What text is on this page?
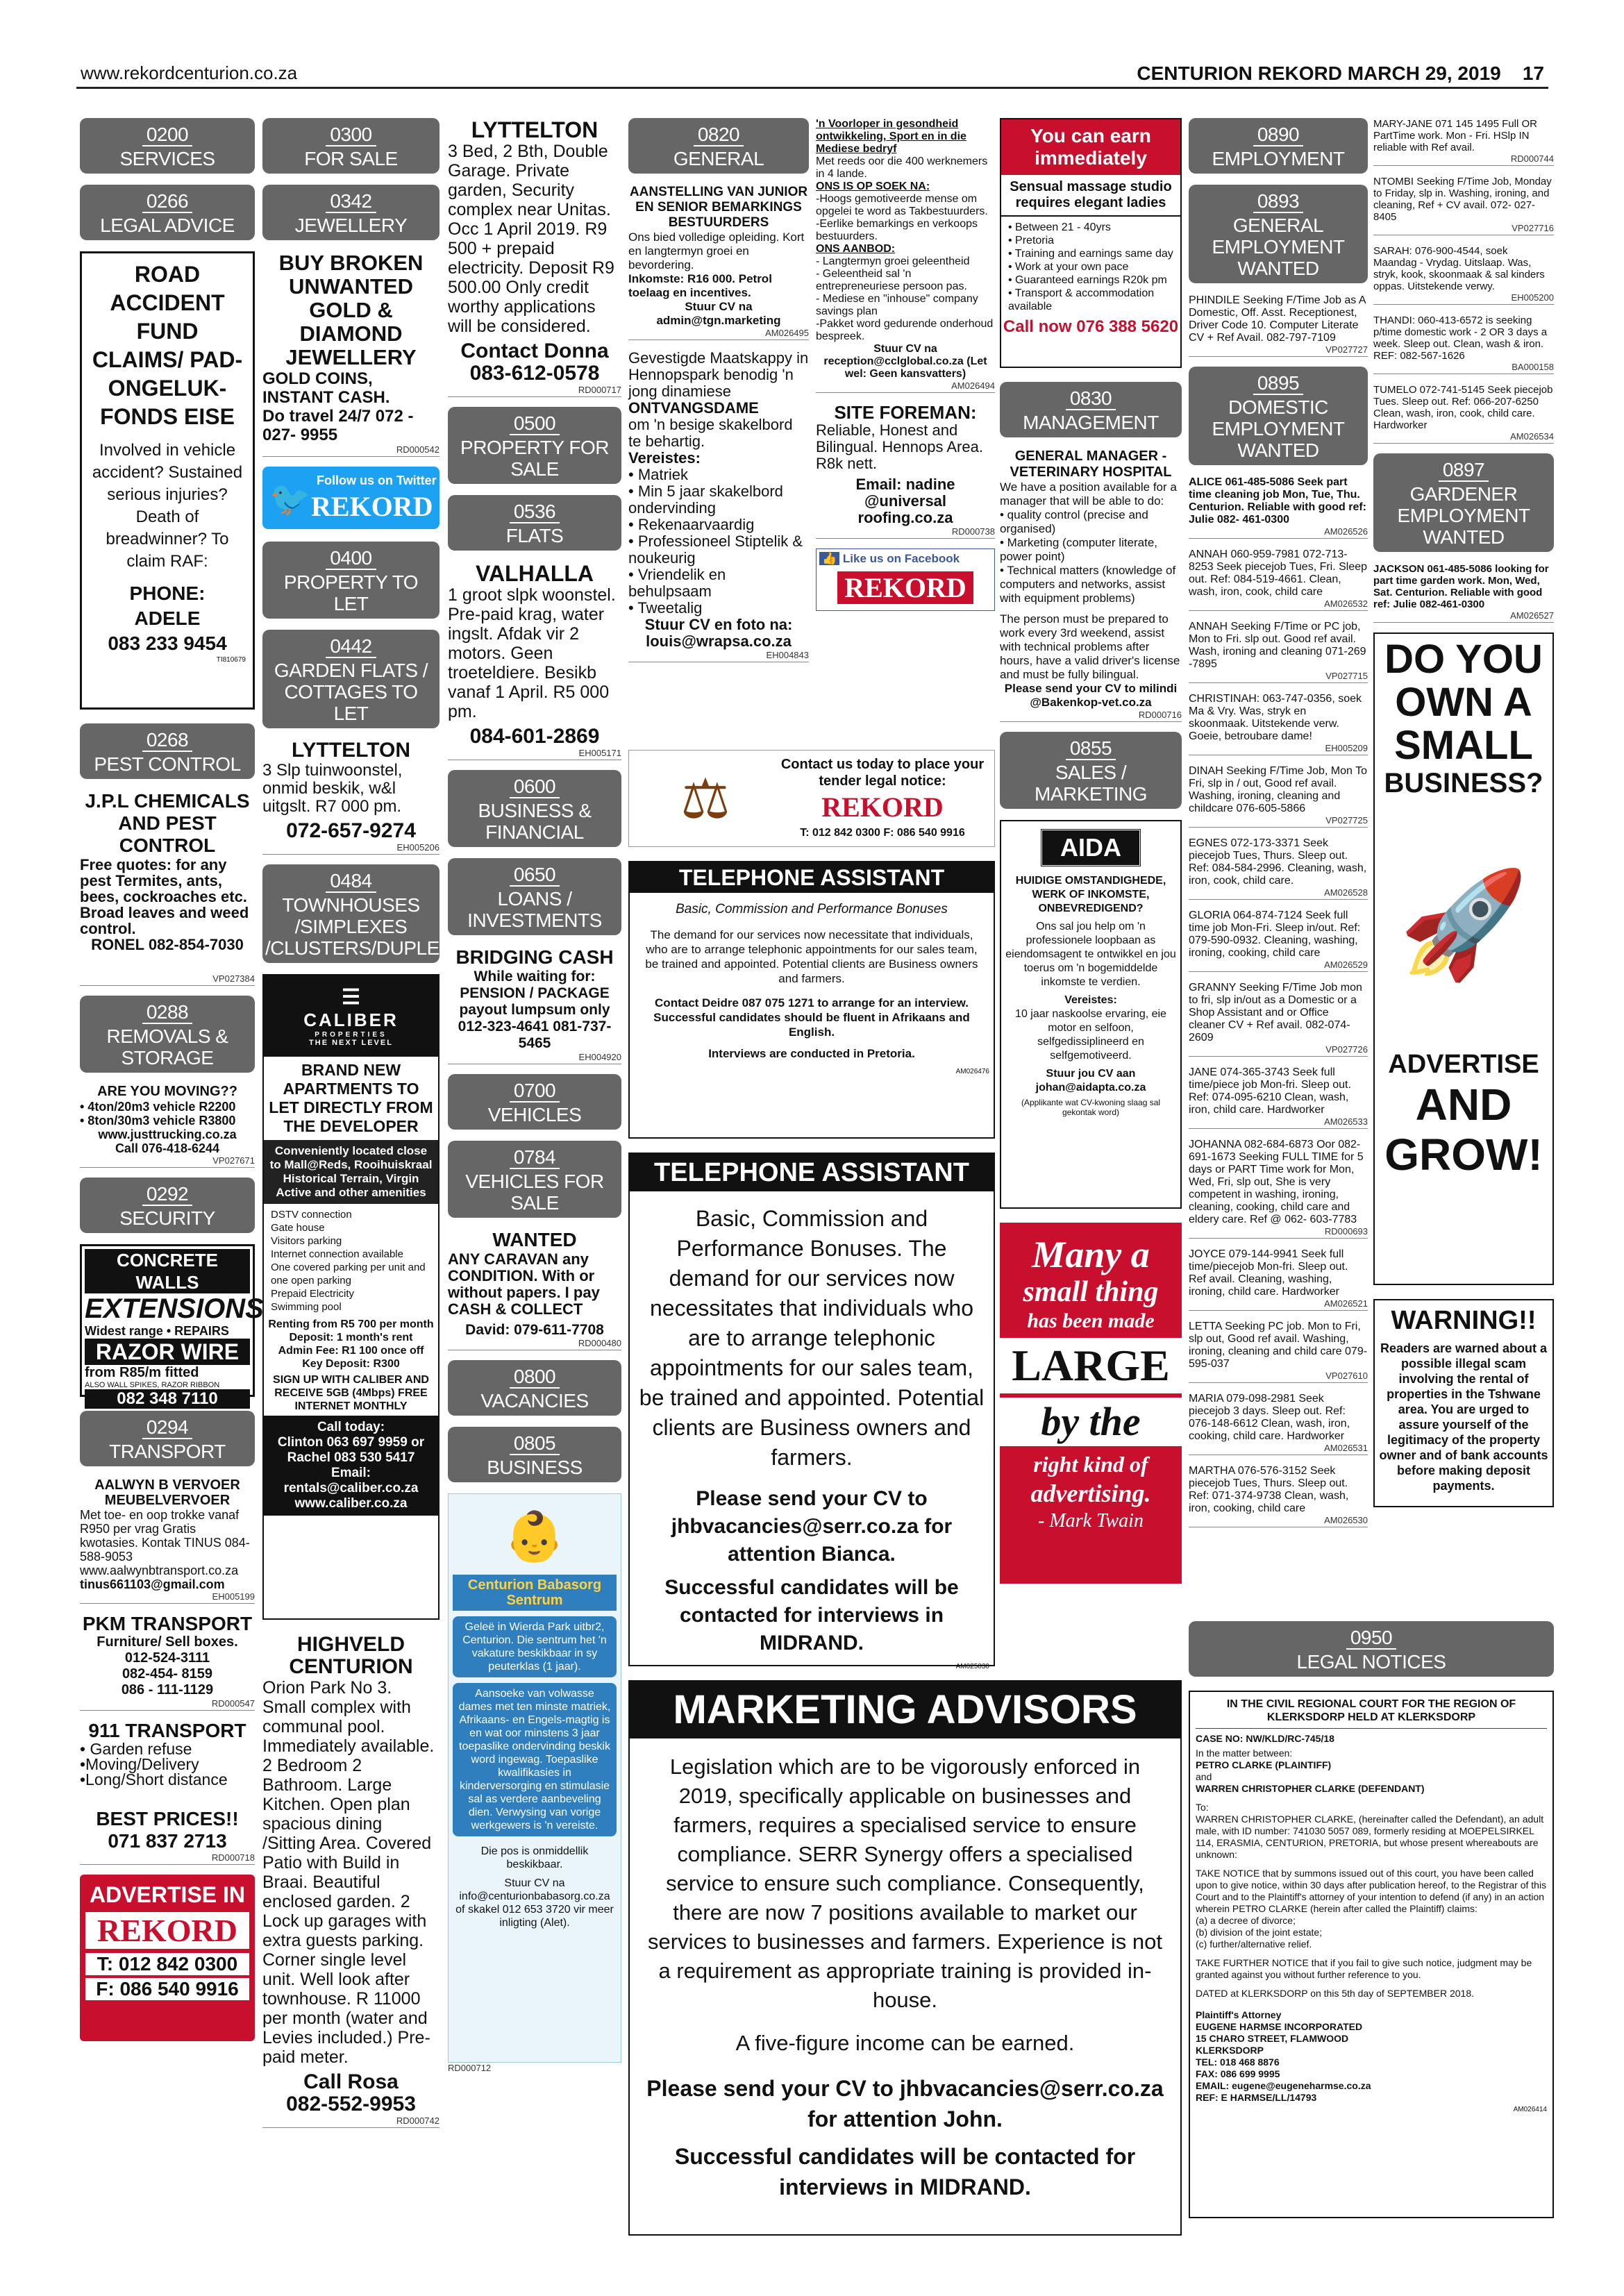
www.rekordcenturion.co.za	CENTURION REKORD MARCH 29, 2019 17
0200
SERVICES
0266
LEGAL ADVICE
ROAD ACCIDENT FUND CLAIMS/ PAD-ONGELUK-FONDS EISE
Involved in vehicle accident? Sustained serious injuries? Death of breadwinner? To claim RAF:
PHONE:
ADELE
083 233 9454
TI810679
0268
PEST CONTROL
J.P.L CHEMICALS AND PEST CONTROL
Free quotes: for any pest Termites, ants, bees, cockroaches etc. Broad leaves and weed control.
RONEL 082-854-7030
VP027384
0288
REMOVALS & STORAGE
ARE YOU MOVING??
• 4ton/20m3 vehicle R2200
• 8ton/30m3 vehicle R3800
www.justtrucking.co.za
Call 076-418-6244
VP027671
0292
SECURITY
CONCRETE WALLS
EXTENSIONS
Widest range • REPAIRS
RAZOR WIRE
from R85/m fitted
ALSO WALL SPIKES, RAZOR RIBBON
082 348 7110
0294
TRANSPORT
AALWYN B VERVOER MEUBELVERVOER
Met toe- en oop trokke vanaf R950 per vrag Gratis kwotasies. Kontak TINUS 084-588-9053 www.aalwynbtransport.co.za
tinus661103@gmail.com
EH005199
PKM TRANSPORT
Furniture/ Sell boxes.
012-524-3111
082-454- 8159
086 - 111-1129
RD000547
911 TRANSPORT
• Garden refuse
•Moving/Delivery
•Long/Short distance
BEST PRICES!!
071 837 2713
RD000718
ADVERTISE IN
REKORD
T: 012 842 0300
F: 086 540 9916
0300
FOR SALE
0342
JEWELLERY
BUY BROKEN UNWANTED GOLD & DIAMOND JEWELLERY
GOLD COINS, INSTANT CASH.
Do travel 24/7 072 - 027- 9955
RD000542
🐦
Follow us on Twitter
REKORD
0400
PROPERTY TO LET
0442
GARDEN FLATS / COTTAGES TO LET
LYTTELTON
3 Slp tuinwoonstel, onmid beskik, w&l uitgslt. R7 000 pm.
072-657-9274
EH005206
0484
TOWNHOUSES /SIMPLEXES /CLUSTERS/DUPLEXES
☰
CALIBER
PROPERTIES
THE NEXT LEVEL
BRAND NEW APARTMENTS TO LET DIRECTLY FROM THE DEVELOPER
Conveniently located close to Mall@Reds, Rooihuiskraal Historical Terrain, Virgin Active and other amenities
DSTV connection
Gate house
Visitors parking
Internet connection available
One covered parking per unit and one open parking
Prepaid Electricity
Swimming pool
Renting from R5 700 per month
Deposit: 1 month's rent
Admin Fee: R1 100 once off
Key Deposit: R300
SIGN UP WITH CALIBER AND RECEIVE 5GB (4Mbps) FREE INTERNET MONTHLY
Call today:
Clinton 063 697 9959 or Rachel 083 530 5417
Email: rentals@caliber.co.za www.caliber.co.za
HIGHVELD CENTURION
Orion Park No 3. Small complex with communal pool. Immediately available. 2 Bedroom 2 Bathroom. Large Kitchen. Open plan spacious dining /Sitting Area. Covered Patio with Build in Braai. Beautiful enclosed garden. 2 Lock up garages with extra guests parking. Corner single level unit. Well look after townhouse. R 11000 per month (water and Levies included.) Pre-paid meter.
Call Rosa
082-552-9953
RD000742
LYTTELTON
3 Bed, 2 Bth, Double Garage. Private garden, Security complex near Unitas. Occ 1 April 2019. R9 500 + prepaid electricity. Deposit R9 500.00 Only credit worthy applications will be considered.
Contact Donna
083-612-0578
RD000717
0500
PROPERTY FOR SALE
0536
FLATS
VALHALLA
1 groot slpk woonstel. Pre-paid krag, water ingslt. Afdak vir 2 motors. Geen troeteldiere. Besikb vanaf 1 April. R5 000 pm.
084-601-2869
EH005171
0600
BUSINESS & FINANCIAL
0650
LOANS / INVESTMENTS
BRIDGING CASH
While waiting for: PENSION / PACKAGE payout lumpsum only
012-323-4641 081-737-5465
EH004920
0700
VEHICLES
0784
VEHICLES FOR SALE
WANTED
ANY CARAVAN any CONDITION. With or without papers. I pay CASH & COLLECT
David: 079-611-7708
RD000480
0800
VACANCIES
0805
BUSINESS
👶
Centurion Babasorg Sentrum
Geleë in Wierda Park uitbr2, Centurion. Die sentrum het 'n vakature beskikbaar in sy peuterklas (1 jaar).
Aansoeke van volwasse dames met ten minste matriek, Afrikaans- en Engels-magtig is en wat oor minstens 3 jaar toepaslike ondervinding beskik word ingewag. Toepaslike kwalifikasies in kinderversorging en stimulasie sal as verdere aanbeveling dien. Verwysing van vorige werkgewers is 'n vereiste.
Die pos is onmiddellik beskikbaar.
Stuur CV na info@centurionbabasorg.co.za of skakel 012 653 3720 vir meer inligting (Alet).
RD000712
0820
GENERAL
AANSTELLING VAN JUNIOR EN SENIOR BEMARKINGS BESTUURDERS
Ons bied volledige opleiding. Kort en langtermyn groei en bevordering.
Inkomste: R16 000. Petrol toelaag en incentives.
Stuur CV na admin@tgn.marketing
AM026495
Gevestigde Maatskappy in Hennopspark benodig 'n jong dinamiese
ONTVANGSDAME
om 'n besige skakelbord te behartig.
Vereistes:
• Matriek
• Min 5 jaar skakelbord ondervinding
• Rekenaarvaardig
• Professioneel Stiptelik & noukeurig
• Vriendelik en behulpsaam
• Tweetalig
Stuur CV en foto na: louis@wrapsa.co.za
EH004843
⚖
Contact us today to place your tender legal notice:
REKORD
T: 012 842 0300 F: 086 540 9916
'n Voorloper in gesondheid ontwikkeling, Sport en in die Mediese bedryf
Met reeds oor die 400 werknemers in 4 lande.
ONS IS OP SOEK NA:
-Hoogs gemotiveerde mense om opgelei te word as Takbestuurders.
-Eerlike bemarkings en verkoops bestuurders.
ONS AANBOD:
- Langtermyn groei geleentheid
- Geleentheid sal 'n entrepreneuriese persoon pas.
- Mediese en "inhouse" company savings plan
-Pakket word gedurende onderhoud bespreek.
Stuur CV na reception@cclglobal.co.za (Let wel: Geen kansvatters)
AM026494
SITE FOREMAN:
Reliable, Honest and Bilingual. Hennops Area. R8k nett.
Email: nadine @universal roofing.co.za
RD000738
👍 Like us on Facebook
REKORD
TELEPHONE ASSISTANT
Basic, Commission and Performance Bonuses
The demand for our services now necessitate that individuals, who are to arrange telephonic appointments for our sales team, be trained and appointed. Potential clients are Business owners and farmers.
Contact Deidre 087 075 1271 to arrange for an interview. Successful candidates should be fluent in Afrikaans and English.
Interviews are conducted in Pretoria.
AM026476
TELEPHONE ASSISTANT
Basic, Commission and Performance Bonuses. The demand for our services now necessitates that individuals who are to arrange telephonic appointments for our sales team, be trained and appointed. Potential clients are Business owners and farmers.
Please send your CV to jhbvacancies@serr.co.za for attention Bianca.
Successful candidates will be contacted for interviews in MIDRAND.
AM025030
MARKETING ADVISORS
Legislation which are to be vigorously enforced in 2019, specifically applicable on businesses and farmers, requires a specialised service to ensure compliance. SERR Synergy offers a specialised service to ensure such compliance. Consequently, there are now 7 positions available to market our services to businesses and farmers. Experience is not a requirement as appropriate training is provided in-house.
A five-figure income can be earned.
Please send your CV to jhbvacancies@serr.co.za for attention John.
Successful candidates will be contacted for interviews in MIDRAND.
You can earn immediately
Sensual massage studio requires elegant ladies
• Between 21 - 40yrs
• Pretoria
• Training and earnings same day
• Work at your own pace
• Guaranteed earnings R20k pm
• Transport & accommodation available
Call now 076 388 5620
0830
MANAGEMENT
GENERAL MANAGER - VETERINARY HOSPITAL
We have a position available for a manager that will be able to do:
• quality control (precise and organised)
• Marketing (computer literate, power point)
• Technical matters (knowledge of computers and networks, assist with equipment problems)
The person must be prepared to work every 3rd weekend, assist with technical problems after hours, have a valid driver's license and must be fully bilingual.
Please send your CV to milindi @Bakenkop-vet.co.za
RD000716
0855
SALES / MARKETING
AIDA
HUIDIGE OMSTANDIGHEDE, WERK OF INKOMSTE, ONBEVREDIGEND?
Ons sal jou help om 'n professionele loopbaan as eiendomsagent te ontwikkel en jou toerus om 'n bogemiddelde inkomste te verdien.
Vereistes:
10 jaar naskoolse ervaring, eie motor en selfoon, selfgedissiplineerd en selfgemotiveerd.
Stuur jou CV aan johan@aidapta.co.za
(Applikante wat CV-kwoning slaag sal gekontak word)
Many a
small thing
has been made
LARGE
by the
right kind of
advertising.
- Mark Twain
0890
EMPLOYMENT
0893
GENERAL EMPLOYMENT WANTED
PHINDILE Seeking F/Time Job as A Domestic, Off. Asst. Receptionest, Driver Code 10. Computer Literate CV + Ref Avail. 082-797-7109
VP027727
0895
DOMESTIC EMPLOYMENT WANTED
ALICE 061-485-5086 Seek part time cleaning job Mon, Tue, Thu. Centurion. Reliable with good ref: Julie 082- 461-0300
AM026526
ANNAH 060-959-7981 072-713-8253 Seek piecejob Tues, Fri. Sleep out. Ref: 084-519-4661. Clean, wash, iron, cook, child care
AM026532
ANNAH Seeking F/Time or PC job, Mon to Fri. slp out. Good ref avail. Wash, ironing and cleaning 071-269 -7895
VP027715
CHRISTINAH: 063-747-0356, soek Ma & Vry. Was, stryk en skoonmaak. Uitstekende verw. Goeie, betroubare dame!
EH005209
DINAH Seeking F/Time Job, Mon To Fri, slp in / out, Good ref avail. Washing, ironing, cleaning and childcare 076-605-5866
VP027725
EGNES 072-173-3371 Seek piecejob Tues, Thurs. Sleep out. Ref: 084-584-2996. Cleaning, wash, iron, cook, child care.
AM026528
GLORIA 064-874-7124 Seek full time job Mon-Fri. Sleep in/out. Ref: 079-590-0932. Cleaning, washing, ironing, cooking, child care
AM026529
GRANNY Seeking F/Time Job mon to fri, slp in/out as a Domestic or a Shop Assistant and or Office cleaner CV + Ref avail. 082-074-2609
VP027726
JANE 074-365-3743 Seek full time/piece job Mon-fri. Sleep out. Ref: 074-095-6210 Clean, wash, iron, child care. Hardworker
AM026533
JOHANNA 082-684-6873 Oor 082-691-1673 Seeking FULL TIME for 5 days or PART Time work for Mon, Wed, Fri, slp out, She is very competent in washing, ironing, cleaning, cooking, child care and eldery care. Ref @ 062- 603-7783
RD000693
JOYCE 079-144-9941 Seek full time/piecejob Mon-fri. Sleep out. Ref avail. Cleaning, washing, ironing, child care. Hardworker
AM026521
LETTA Seeking PC job. Mon to Fri, slp out, Good ref avail. Washing, ironing, cleaning and child care 079- 595-037
VP027610
MARIA 079-098-2981 Seek piecejob 3 days. Sleep out. Ref: 076-148-6612 Clean, wash, iron, cooking, child care. Hardworker
AM026531
MARTHA 076-576-3152 Seek piecejob Tues, Thurs. Sleep out. Ref: 071-374-9738 Clean, wash, iron, cooking, child care
AM026530
0950
LEGAL NOTICES
IN THE CIVIL REGIONAL COURT FOR THE REGION OF KLERKSDORP HELD AT KLERKSDORP
CASE NO: NW/KLD/RC-745/18
In the matter between:
PETRO CLARKE (PLAINTIFF)
and
WARREN CHRISTOPHER CLARKE (DEFENDANT)
To:
WARREN CHRISTOPHER CLARKE, (hereinafter called the Defendant), an adult male, with ID number: 741030 5057 089, formerly residing at MOEPELSIRKEL 114, ERASMIA, CENTURION, PRETORIA, but whose present whereabouts are unknown:
TAKE NOTICE that by summons issued out of this court, you have been called upon to give notice, within 30 days after publication hereof, to the Registrar of this Court and to the Plaintiff's attorney of your intention to defend (if any) in an action wherein PETRO CLARKE (herein after called the Plaintiff) claims:
(a) a decree of divorce;
(b) division of the joint estate;
(c) further/alternative relief.
TAKE FURTHER NOTICE that if you fail to give such notice, judgment may be granted against you without further reference to you.
DATED at KLERKSDORP on this 5th day of SEPTEMBER 2018.
Plaintiff's Attorney
EUGENE HARMSE INCORPORATED
15 CHARO STREET, FLAMWOOD
KLERKSDORP
TEL: 018 468 8876
FAX: 086 699 9995
EMAIL: eugene@eugeneharmse.co.za
REF: E HARMSE/LL/14793
AM026414
MARY-JANE 071 145 1495 Full OR PartTime work. Mon - Fri. HSlp IN reliable with Ref avail.
RD000744
NTOMBI Seeking F/Time Job, Monday to Friday, slp in. Washing, ironing, and cleaning, Ref + CV avail. 072- 027-8405
VP027716
SARAH: 076-900-4544, soek Maandag - Vrydag. Uitslaap. Was, stryk, kook, skoonmaak & sal kinders oppas. Uitstekende verwy.
EH005200
THANDI: 060-413-6572 is seeking p/time domestic work - 2 OR 3 days a week. Sleep out. Clean, wash & iron. REF: 082-567-1626
BA000158
TUMELO 072-741-5145 Seek piecejob Tues. Sleep out. Ref: 066-207-6250 Clean, wash, iron, cook, child care. Hardworker
AM026534
0897
GARDENER EMPLOYMENT WANTED
JACKSON 061-485-5086 looking for part time garden work. Mon, Wed, Sat. Centurion. Reliable with good ref: Julie 082-461-0300
AM026527
DO YOU OWN A SMALL
BUSINESS?
🚀
ADVERTISE
AND
GROW!
WARNING!!
Readers are warned about a possible illegal scam involving the rental of properties in the Tshwane area. You are urged to assure yourself of the legitimacy of the property owner and of bank accounts before making deposit payments.
